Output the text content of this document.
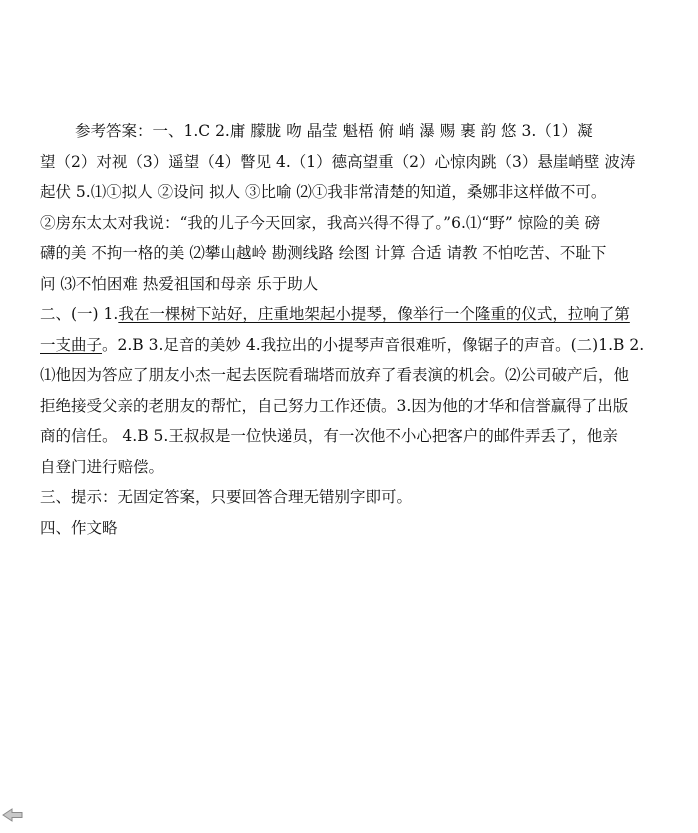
参考答案：一、1.C 2.庸 朦胧 吻 晶莹 魁梧 俯 峭 瀑 赐 裹 韵 悠 3.（1）凝
望（2）对视（3）遥望（4）瞥见 4.（1）德高望重（2）心惊肉跳（3）悬崖峭壁 波涛
起伏 5.⑴①拟人 ②设问 拟人 ③比喻 ⑵①我非常清楚的知道，桑娜非这样做不可。
②房东太太对我说：“我的儿子今天回家，我高兴得不得了。”6.⑴“野” 惊险的美 磅
礴的美 不拘一格的美 ⑵攀山越岭 勘测线路 绘图 计算 合适 请教 不怕吃苦、不耻下
问 ⑶不怕困难 热爱祖国和母亲 乐于助人
二、(一) 1.我在一棵树下站好，庄重地架起小提琴，像举行一个隆重的仪式，拉响了第
一支曲子。2.B 3.足音的美妙 4.我拉出的小提琴声音很难听，像锯子的声音。(二)1.B 2.
⑴他因为答应了朋友小杰一起去医院看瑞塔而放弃了看表演的机会。⑵公司破产后，他
拒绝接受父亲的老朋友的帮忙，自己努力工作还债。3.因为他的才华和信誉赢得了出版
商的信任。 4.B 5.王叔叔是一位快递员，有一次他不小心把客户的邮件弄丢了，他亲
自登门进行赔偿。
三、提示：无固定答案，只要回答合理无错别字即可。
四、作文略
